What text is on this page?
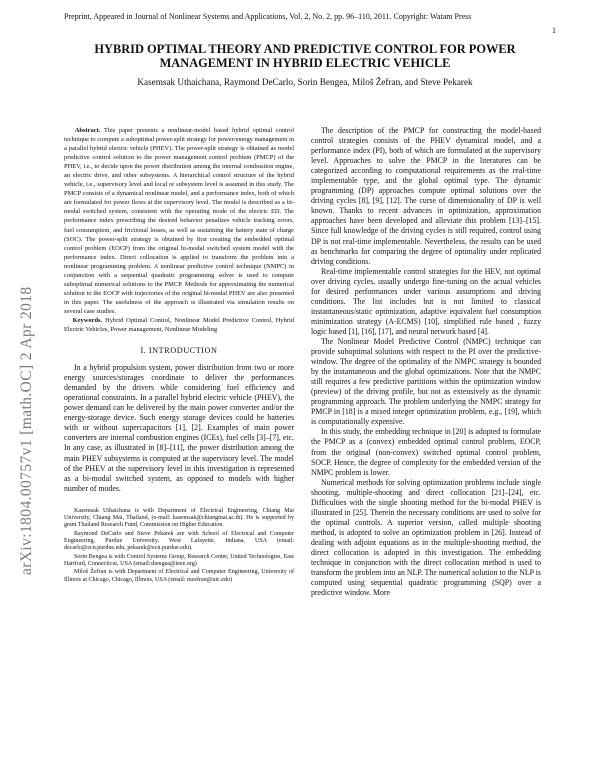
Preprint, Appeared in Journal of Nonlinear Systems and Applications, Vol. 2, No. 2, pp. 96–110, 2011. Copyright: Watam Press
1
arXiv:1804.00757v1 [math.OC] 2 Apr 2018
HYBRID OPTIMAL THEORY AND PREDICTIVE CONTROL FOR POWER MANAGEMENT IN HYBRID ELECTRIC VEHICLE
Kasemsak Uthaichana, Raymond DeCarlo, Sorin Bengea, Miloš Žefran, and Steve Pekarek

Abstract. This paper presents a nonlinear-model based hybrid optimal control technique to compute a suboptimal power-split strategy for power/energy management in a parallel hybrid electric vehicle (PHEV). The power-split strategy is obtained as model predictive control solution to the power management control problem (PMCP) of the PHEV, i.e., to decide upon the power distribution among the internal combustion engine, an electric drive, and other subsystems. A hierarchical control structure of the hybrid vehicle, i.e., supervisory level and local or subsystem level is assumed in this study. The PMCP consists of a dynamical nonlinear model, and a performance index, both of which are formulated for power flows at the supervisory level. The model is described as a bi-modal switched system, consistent with the operating mode of the electric ED. The performance index prescribing the desired behavior penalizes vehicle tracking errors, fuel consumption, and frictional losses, as well as sustaining the battery state of charge (SOC). The power-split strategy is obtained by first creating the embedded optimal control problem (EOCP) from the original bi-modal switched system model with the performance index. Direct collocation is applied to transform the problem into a nonlinear programming problem. A nonlinear predictive control technique (NMPC) in conjunction with a sequential quadratic programming solver is used to compute suboptimal numerical solutions to the PMCP. Methods for approximating the numerical solution to the EOCP with trajectories of the original bi-modal PHEV are also presented in this paper. The usefulness of the approach is illustrated via simulation results on several case studies.

Keywords. Hybrid Optimal Control, Nonlinear Model Predictive Control, Hybrid Electric Vehicles, Power management, Nonlinear Modeling

I. INTRODUCTION

In a hybrid propulsion system, power distribution from two or more energy sources/storages coordinate to deliver the performances demanded by the drivers while considering fuel efficiency and operational constraints. In a parallel hybrid electric vehicle (PHEV), the power demand can be delivered by the main power converter and/or the energy-storage device. Such energy storage devices could be batteries with or without supercapacitors [1], [2]. Examples of main power converters are internal combustion engines (ICEs), fuel cells [3]–[7], etc. In any case, as illustrated in [8]–[11], the power distribution among the main PHEV subsystems is computed at the supervisory level. The model of the PHEV at the supervisory level in this investigation is represented as a bi-modal switched system, as opposed to models with higher number of modes.

Kasemsak Uthaichana is with Department of Electrical Engineering, Chiang Mai University, Chiang Mai, Thailand, (e-mail: kasemsak@chiangmai.ac.th). He is supported by grant Thailand Research Fund, Commission on Higher Education.

Raymond DeCarlo and Steve Pekarek are with School of Electrical and Computer Engineering, Purdue University, West Lafayette, Indiana, USA (email: decarlo@ecn.purdue.edu, pekarek@ecn.purdue.edu).

Sorin Bengea is with Control Systems Group, Research Center, United Technologies, East Hartford, Connecticut, USA (email:sbengea@ieee.org)

Miloš Žefran is with Department of Electrical and Computer Engineering, University of Illinois at Chicago, Chicago, Illinois, USA (email: mzefran@uic.edu)

The description of the PMCP for constructing the model-based control strategies consists of the PHEV dynamical model, and a performance index (PI), both of which are formulated at the supervisory level. Approaches to solve the PMCP in the literatures can be categorized according to computational requirements as the real-time implementable type, and the global optimal type. The dynamic programming (DP) approaches compute optimal solutions over the driving cycles [8], [9], [12]. The curse of dimensionality of DP is well known. Thanks to recent advances in optimization, approximation approaches have been developed and alleviate this problem [13]–[15]. Since full knowledge of the driving cycles is still required, control using DP is not real-time implementable. Nevertheless, the results can be used as benchmarks for comparing the degree of optimality under replicated driving conditions.

Real-time implementable control strategies for the HEV, not optimal over driving cycles, usually undergo fine-tuning on the actual vehicles for desired performances under various assumptions and driving conditions. The list includes but is not limited to classical instantaneous/static optimization, adaptive equivalent fuel consumption minimization strategy (A-ECMS) [10], simplified rule based , fuzzy logic based [1], [16], [17], and neural network based [4].

The Nonlinear Model Predictive Control (NMPC) technique can provide suboptimal solutions with respect to the PI over the predictive-window. The degree of the optimality of the NMPC strategy is bounded by the instantaneous and the global optimizations. Note that the NMPC still requires a few predictive partitions within the optimization window (preview) of the driving profile, but not as extensively as the dynamic programming approach. The problem underlying the NMPC strategy for PMCP in [18] is a mixed integer optimization problem, e.g., [19], which is computationally expensive.

In this study, the embedding technique in [20] is adopted to formulate the PMCP as a (convex) embedded optimal control problem, EOCP, from the original (non-convex) switched optimal control problem, SOCP. Hence, the degree of complexity for the embedded version of the NMPC problem is lower.

Numerical methods for solving optimization problems include single shooting, multiple-shooting and direct collocation [21]–[24], etc. Difficulties with the single shooting method for the bi-modal PHEV is illustrated in [25]. Therein the necessary conditions are used to solve for the optimal controls. A superior version, called multiple shooting method, is adopted to solve an optimization problem in [26]. Instead of dealing with adjoint equations as in the multiple-shooting method, the direct collocation is adopted in this investigation. The embedding technique in conjunction with the direct collocation method is used to transform the problem into an NLP. The numerical solution to the NLP is computed using sequential quadratic programming (SQP) over a predictive window. More
